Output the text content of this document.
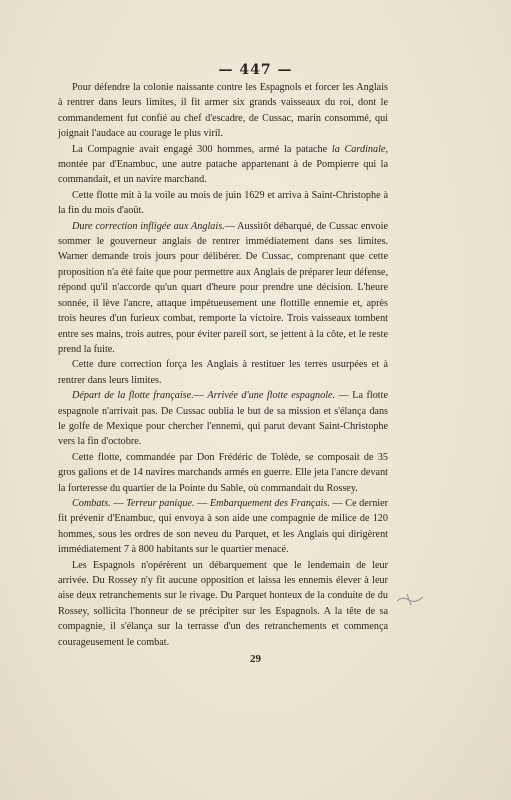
— 447 —

Pour défendre la colonie naissante contre les Espagnols et forcer les Anglais à rentrer dans leurs limites, il fit armer six grands vaisseaux du roi, dont le commandement fut confié au chef d'escadre, de Cussac, marin consommé, qui joignait l'audace au courage le plus viril.

La Compagnie avait engagé 300 hommes, armé la patache la Cardinale, montée par d'Enambuc, une autre patache appartenant à de Pompierre qui la commandait, et un navire marchand.

Cette flotte mit à la voile au mois de juin 1629 et arriva à Saint-Christophe à la fin du mois d'août.

Dure correction infligée aux Anglais.— Aussitôt débarqué, de Cussac envoie sommer le gouverneur anglais de rentrer immédiatement dans ses limites. Warner demande trois jours pour délibérer. De Cussac, comprenant que cette proposition n'a été faite que pour permettre aux Anglais de préparer leur défense, répond qu'il n'accorde qu'un quart d'heure pour prendre une décision. L'heure sonnée, il lève l'ancre, attaque impétueusement une flottille ennemie et, après trois heures d'un furieux combat, remporte la victoire. Trois vaisseaux tombent entre ses mains, trois autres, pour éviter pareil sort, se jettent à la côte, et le reste prend la fuite.

Cette dure correction força les Anglais à restituer les terres usurpées et à rentrer dans leurs limites.

Départ de la flotte française.— Arrivée d'une flotte espagnole. — La flotte espagnole n'arrivait pas. De Cussac oublia le but de sa mission et s'élança dans le golfe de Mexique pour chercher l'ennemi, qui parut devant Saint-Christophe vers la fin d'octobre.

Cette flotte, commandée par Don Frédéric de Tolède, se composait de 35 gros galions et de 14 navires marchands armés en guerre. Elle jeta l'ancre devant la forteresse du quartier de la Pointe du Sable, où commandait du Rossey.

Combats. — Terreur panique. — Embarquement des Français. — Ce dernier fit prévenir d'Enambuc, qui envoya à son aide une compagnie de milice de 120 hommes, sous les ordres de son neveu du Parquet, et les Anglais qui dirigèrent immédiatement 7 à 800 habitants sur le quartier menacé.

Les Espagnols n'opérèrent un débarquement que le lendemain de leur arrivée. Du Rossey n'y fit aucune opposition et laissa les ennemis élever à leur aise deux retranchements sur le rivage. Du Parquet honteux de la conduite de du Rossey, sollicita l'honneur de se précipiter sur les Espagnols. A la tête de sa compagnie, il s'élança sur la terrasse d'un des retranchements et commença courageusement le combat.

29
